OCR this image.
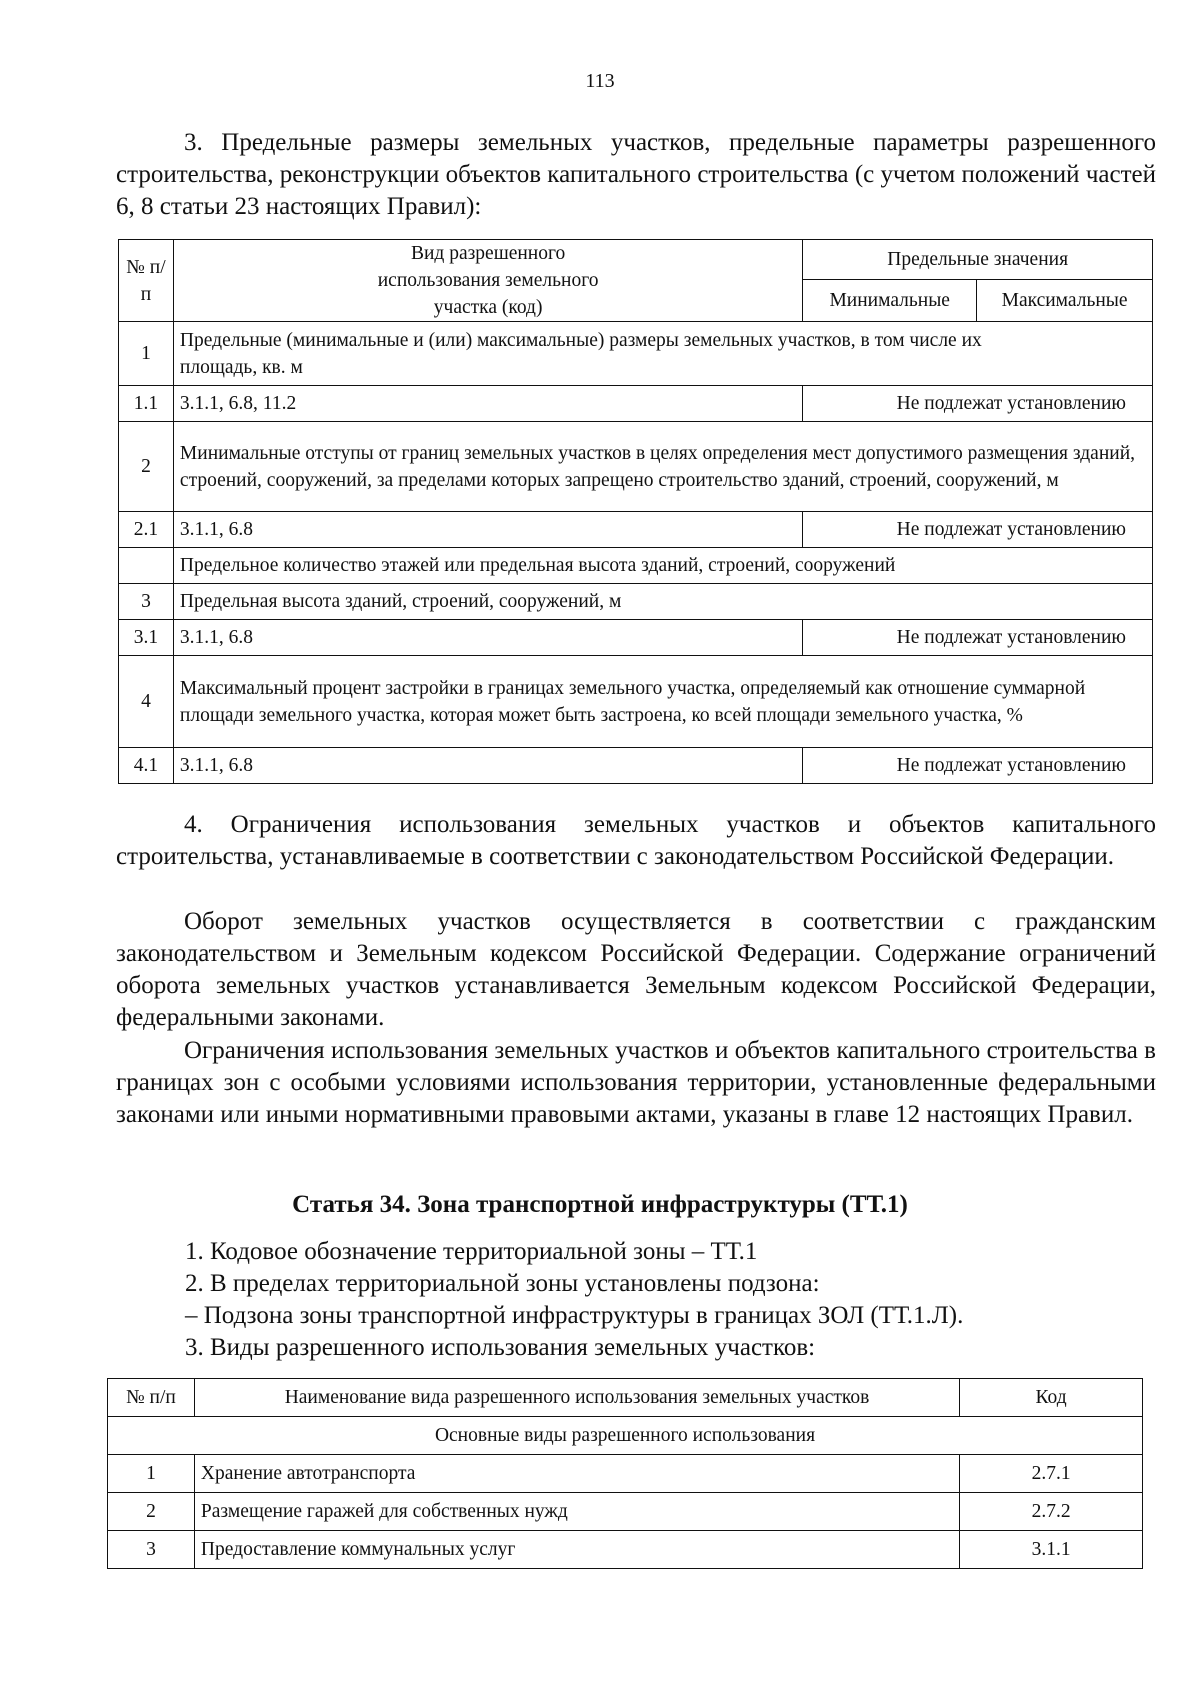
113

3. Предельные размеры земельных участков, предельные параметры разрешенного строительства, реконструкции объектов капитального строительства (с учетом положений частей 6, 8 статьи 23 настоящих Правил):

№ п/п	Вид разрешенного использования земельного участка (код)	Предельные значения	
		Минимальные	Максимальные
1	Предельные (минимальные и (или) максимальные) размеры земельных участков, в том числе их площадь, кв. м		
1.1	3.1.1, 6.8, 11.2	Не подлежат установлению	
2	Минимальные отступы от границ земельных участков в целях определения мест допустимого размещения зданий, строений, сооружений, за пределами которых запрещено строительство зданий, строений, сооружений, м		
2.1	3.1.1, 6.8	Не подлежат установлению	
	Предельное количество этажей или предельная высота зданий, строений, сооружений		
3	Предельная высота зданий, строений, сооружений, м		
3.1	3.1.1, 6.8	Не подлежат установлению	
4	Максимальный процент застройки в границах земельного участка, определяемый как отношение суммарной площади земельного участка, которая может быть застроена, ко всей площади земельного участка, %		
4.1	3.1.1, 6.8	Не подлежат установлению	

4. Ограничения использования земельных участков и объектов капитального строительства, устанавливаемые в соответствии с законодательством Российской Федерации.

Оборот земельных участков осуществляется в соответствии с гражданским законодательством и Земельным кодексом Российской Федерации. Содержание ограничений оборота земельных участков устанавливается Земельным кодексом Российской Федерации, федеральными законами.

Ограничения использования земельных участков и объектов капитального строительства в границах зон с особыми условиями использования территории, установленные федеральными законами или иными нормативными правовыми актами, указаны в главе 12 настоящих Правил.

Статья 34. Зона транспортной инфраструктуры (ТТ.1)

1. Кодовое обозначение территориальной зоны – ТТ.1

2. В пределах территориальной зоны установлены подзона:

– Подзона зоны транспортной инфраструктуры в границах ЗОЛ (ТТ.1.Л).

3. Виды разрешенного использования земельных участков:

№ п/п	Наименование вида разрешенного использования земельных участков	Код
Основные виды разрешенного использования		
1	Хранение автотранспорта	2.7.1
2	Размещение гаражей для собственных нужд	2.7.2
3	Предоставление коммунальных услуг	3.1.1
